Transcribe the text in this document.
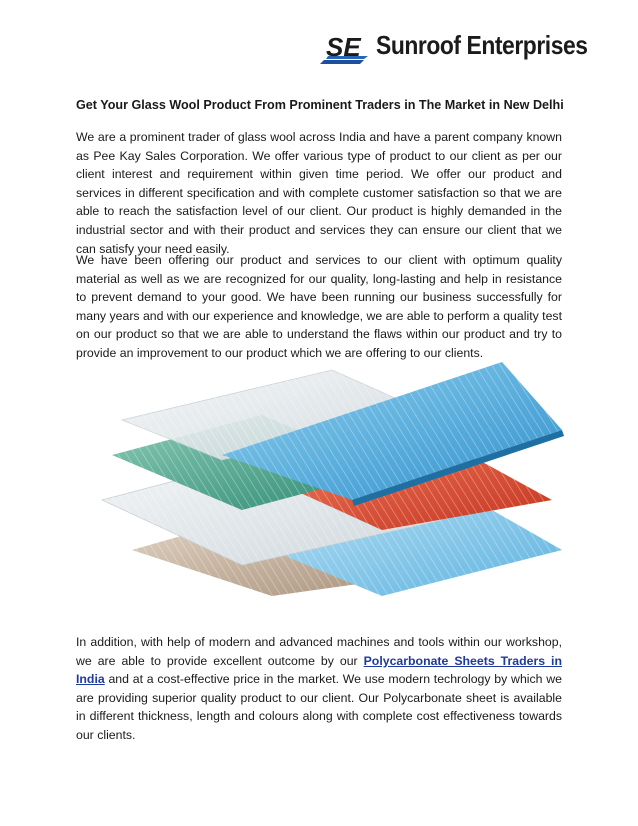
SE Sunroof Enterprises
Get Your Glass Wool Product From Prominent Traders in The Market in New Delhi

We are a prominent trader of glass wool across India and have a parent company known as Pee Kay Sales Corporation. We offer various type of product to our client as per our client interest and requirement within given time period. We offer our product and services in different specification and with complete customer satisfaction so that we are able to reach the satisfaction level of our client. Our product is highly demanded in the industrial sector and with their product and services they can ensure our client that we can satisfy your need easily.

We have been offering our product and services to our client with optimum quality material as well as we are recognized for our quality, long-lasting and help in resistance to prevent demand to your good. We have been running our business successfully for many years and with our experience and knowledge, we are able to perform a quality test on our product so that we are able to understand the flaws within our product and try to provide an improvement to our product which we are offering to our clients.

In addition, with help of modern and advanced machines and tools within our workshop, we are able to provide excellent outcome by our Polycarbonate Sheets Traders in India and at a cost-effective price in the market. We use modern techrology by which we are providing superior quality product to our client. Our Polycarbonate sheet is available in different thickness, length and colours along with complete cost effectiveness towards our clients.
